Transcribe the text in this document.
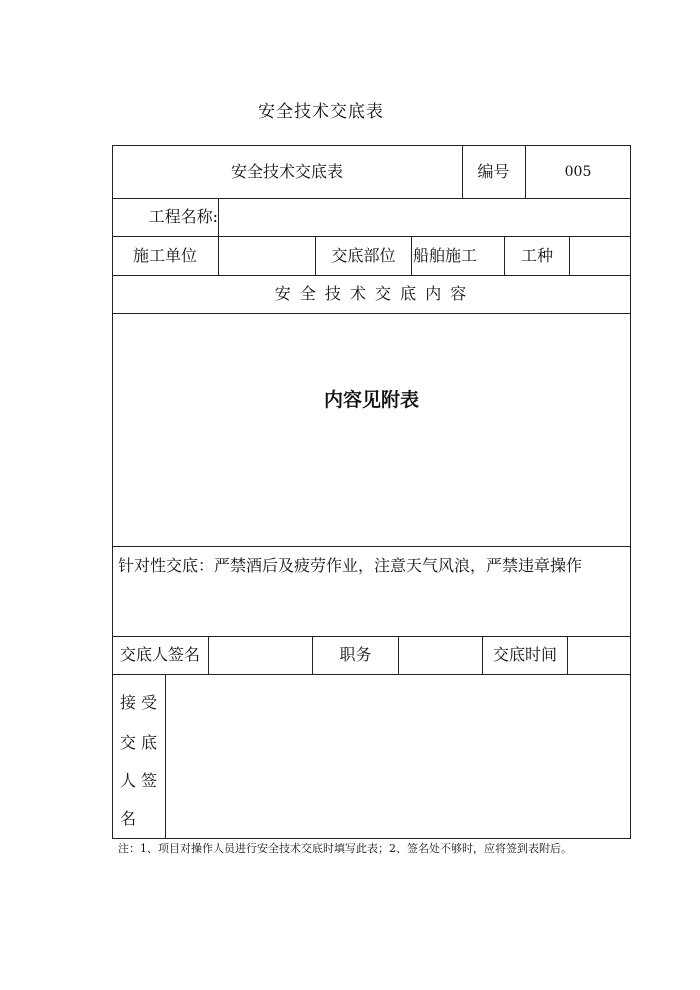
安全技术交底表
安全技术交底表	编号	005
工程名称:
施工单位	交底部位	船舶施工	工种
安 全 技 术 交 底 内 容
内容见附表
针对性交底：严禁酒后及疲劳作业，注意天气风浪，严禁违章操作
交底人签名	职务	交底时间
接 受
交 底
人 签
名
注：1、项目对操作人员进行安全技术交底时填写此表；2、签名处不够时，应将签到表附后。
